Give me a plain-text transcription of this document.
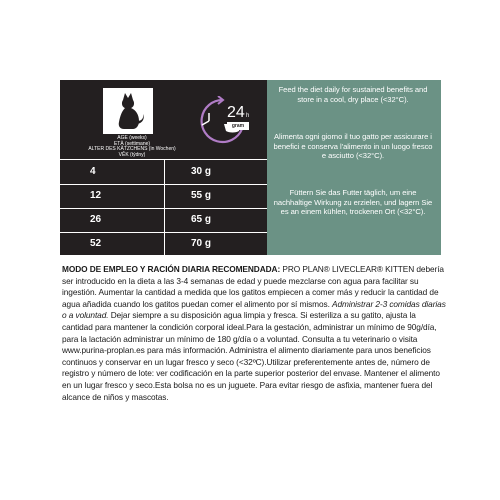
AGE (weeks)
ETÀ (settimane)
ALTER DES KÄTZCHENS (in Wochen)
VĚK (týdny)
4	30 g
12	55 g
26	65 g
52	70 g
24 h
gram
Feed the diet daily for sustained benefits and store in a cool, dry place (<32°C).
Alimenta ogni giorno il tuo gatto per assicurare i benefici e conserva l'alimento in un luogo fresco e asciutto (<32°C).
Füttern Sie das Futter täglich, um eine nachhaltige Wirkung zu erzielen, und lagern Sie es an einem kühlen, trockenen Ort (<32°C).
MODO DE EMPLEO Y RACIÓN DIARIA RECOMENDADA: PRO PLAN® LIVECLEAR® KITTEN debería ser introducido en la dieta a las 3-4 semanas de edad y puede mezclarse con agua para facilitar su ingestión. Aumentar la cantidad a medida que los gatitos empiecen a comer más y reducir la cantidad de agua añadida cuando los gatitos puedan comer el alimento por sí mismos. Administrar 2-3 comidas diarias o a voluntad. Dejar siempre a su disposición agua limpia y fresca. Si esteriliza a su gatito, ajusta la cantidad para mantener la condición corporal ideal.Para la gestación, administrar un mínimo de 90g/día, para la lactación administrar un mínimo de 180 g/día o a voluntad. Consulta a tu veterinario o visita www.purina-proplan.es para más información. Administra el alimento diariamente para unos beneficios continuos y conservar en un lugar fresco y seco (<32ºC).Utilizar preferentemente antes de, número de registro y número de lote: ver codificación en la parte superior posterior del envase. Mantener el alimento en un lugar fresco y seco.Esta bolsa no es un juguete. Para evitar riesgo de asfixia, mantener fuera del alcance de niños y mascotas.
